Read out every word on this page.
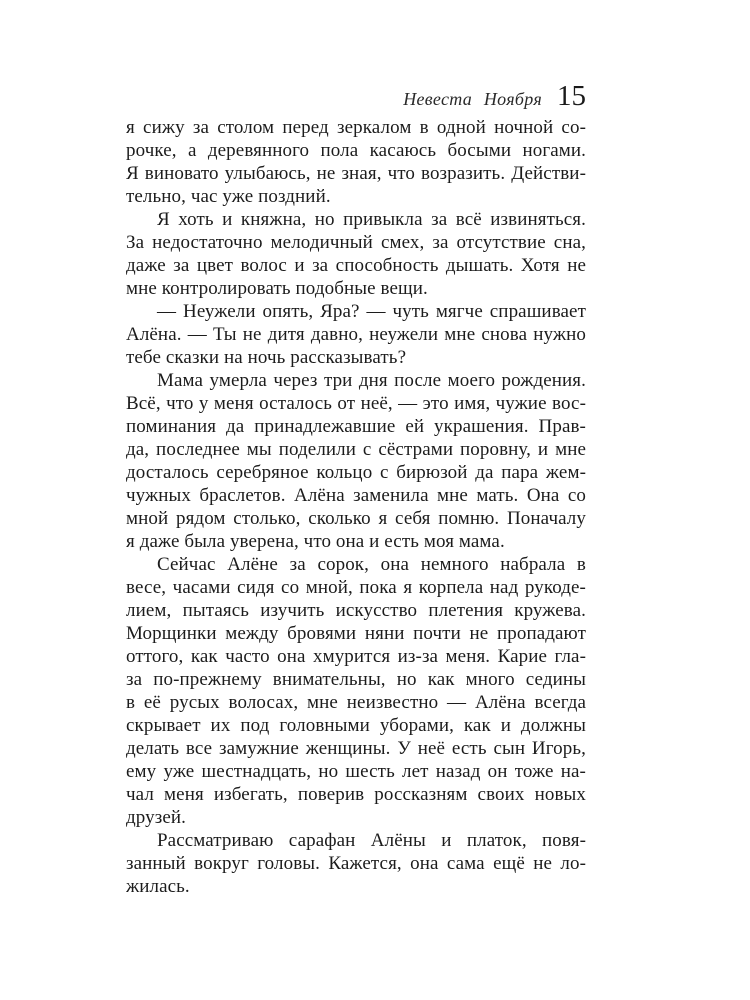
Невеста Ноября 15
я сижу за столом перед зеркалом в одной ночной со-
рочке, а деревянного пола касаюсь босыми ногами.
Я виновато улыбаюсь, не зная, что возразить. Действи-
тельно, час уже поздний.
Я хоть и княжна, но привыкла за всё извиняться.
За недостаточно мелодичный смех, за отсутствие сна,
даже за цвет волос и за способность дышать. Хотя не
мне контролировать подобные вещи.
— Неужели опять, Яра? — чуть мягче спрашивает
Алёна. — Ты не дитя давно, неужели мне снова нужно
тебе сказки на ночь рассказывать?
Мама умерла через три дня после моего рождения.
Всё, что у меня осталось от неё, — это имя, чужие вос-
поминания да принадлежавшие ей украшения. Прав-
да, последнее мы поделили с сёстрами поровну, и мне
досталось серебряное кольцо с бирюзой да пара жем-
чужных браслетов. Алёна заменила мне мать. Она со
мной рядом столько, сколько я себя помню. Поначалу
я даже была уверена, что она и есть моя мама.
Сейчас Алёне за сорок, она немного набрала в
весе, часами сидя со мной, пока я корпела над рукоде-
лием, пытаясь изучить искусство плетения кружева.
Морщинки между бровями няни почти не пропадают
оттого, как часто она хмурится из-за меня. Карие гла-
за по-прежнему внимательны, но как много седины
в её русых волосах, мне неизвестно — Алёна всегда
скрывает их под головными уборами, как и должны
делать все замужние женщины. У неё есть сын Игорь,
ему уже шестнадцать, но шесть лет назад он тоже на-
чал меня избегать, поверив россказням своих новых
друзей.
Рассматриваю сарафан Алёны и платок, повя-
занный вокруг головы. Кажется, она сама ещё не ло-
жилась.
